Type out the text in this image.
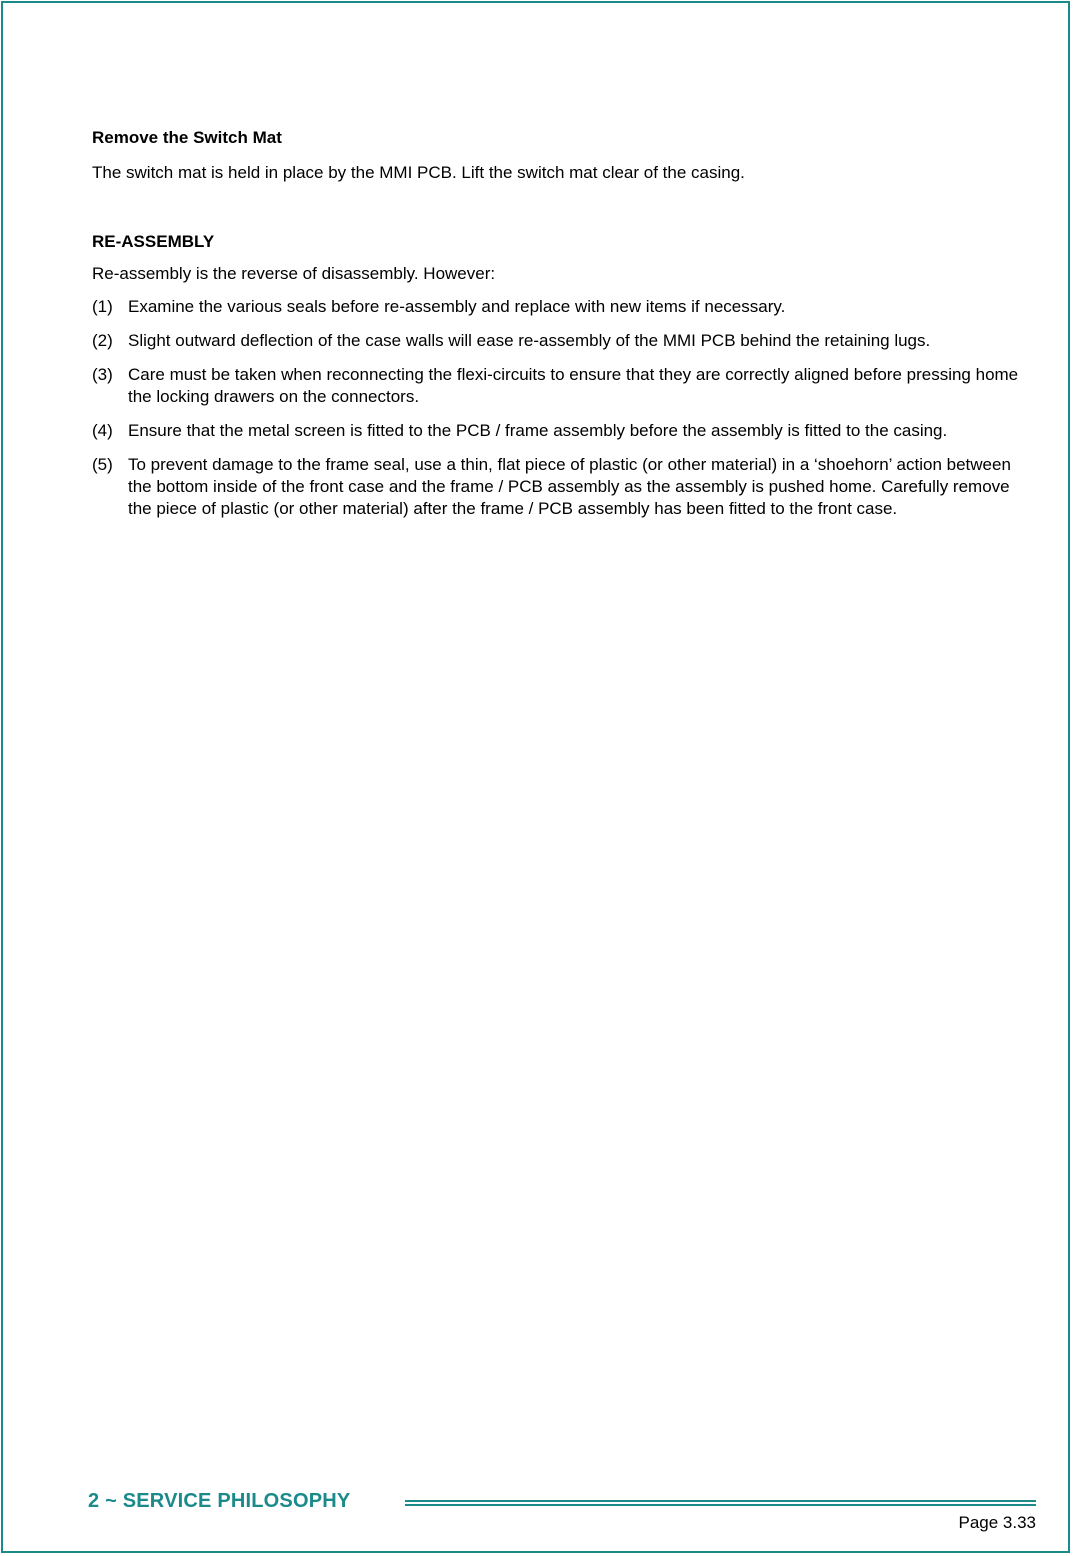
Remove the Switch Mat

The switch mat is held in place by the MMI PCB. Lift the switch mat clear of the casing.

RE-ASSEMBLY

Re-assembly is the reverse of disassembly. However:

(1) Examine the various seals before re-assembly and replace with new items if necessary.
(2) Slight outward deflection of the case walls will ease re-assembly of the MMI PCB behind the retaining lugs.
(3) Care must be taken when reconnecting the flexi-circuits to ensure that they are correctly aligned before pressing home the locking drawers on the connectors.
(4) Ensure that the metal screen is fitted to the PCB / frame assembly before the assembly is fitted to the casing.
(5) To prevent damage to the frame seal, use a thin, flat piece of plastic (or other material) in a ‘shoehorn’ action between the bottom inside of the front case and the frame / PCB assembly as the assembly is pushed home. Carefully remove the piece of plastic (or other material) after the frame / PCB assembly has been fitted to the front case.
2 ~ SERVICE PHILOSOPHY
Page 3.33
